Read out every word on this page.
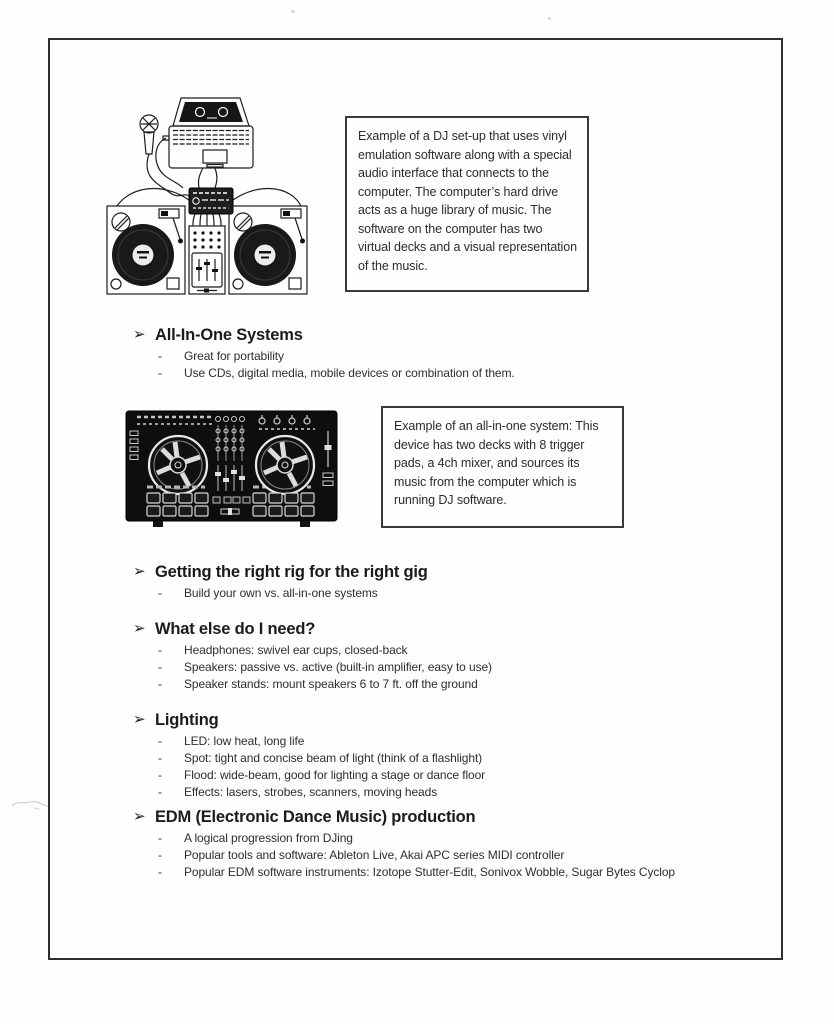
Example of a DJ set-up that uses vinyl emulation software along with a special audio interface that connects to the computer. The computer’s hard drive acts as a huge library of music. The software on the computer has two virtual decks and a visual representation of the music.
➢ All-In-One Systems
-	Great for portability
-	Use CDs, digital media, mobile devices or combination of them.
Example of an all-in-one system: This device has two decks with 8 trigger pads, a 4ch mixer, and sources its music from the computer which is running DJ software.
➢ Getting the right rig for the right gig
-	Build your own vs. all-in-one systems
➢ What else do I need?
-	Headphones: swivel ear cups, closed-back
-	Speakers: passive vs. active (built-in amplifier, easy to use)
-	Speaker stands: mount speakers 6 to 7 ft. off the ground
➢ Lighting
-	LED: low heat, long life
-	Spot: tight and concise beam of light (think of a flashlight)
-	Flood: wide-beam, good for lighting a stage or dance floor
-	Effects: lasers, strobes, scanners, moving heads
➢ EDM (Electronic Dance Music) production
-	A logical progression from DJing
-	Popular tools and software: Ableton Live, Akai APC series MIDI controller
-	Popular EDM software instruments: Izotope Stutter-Edit, Sonivox Wobble, Sugar Bytes Cyclop
